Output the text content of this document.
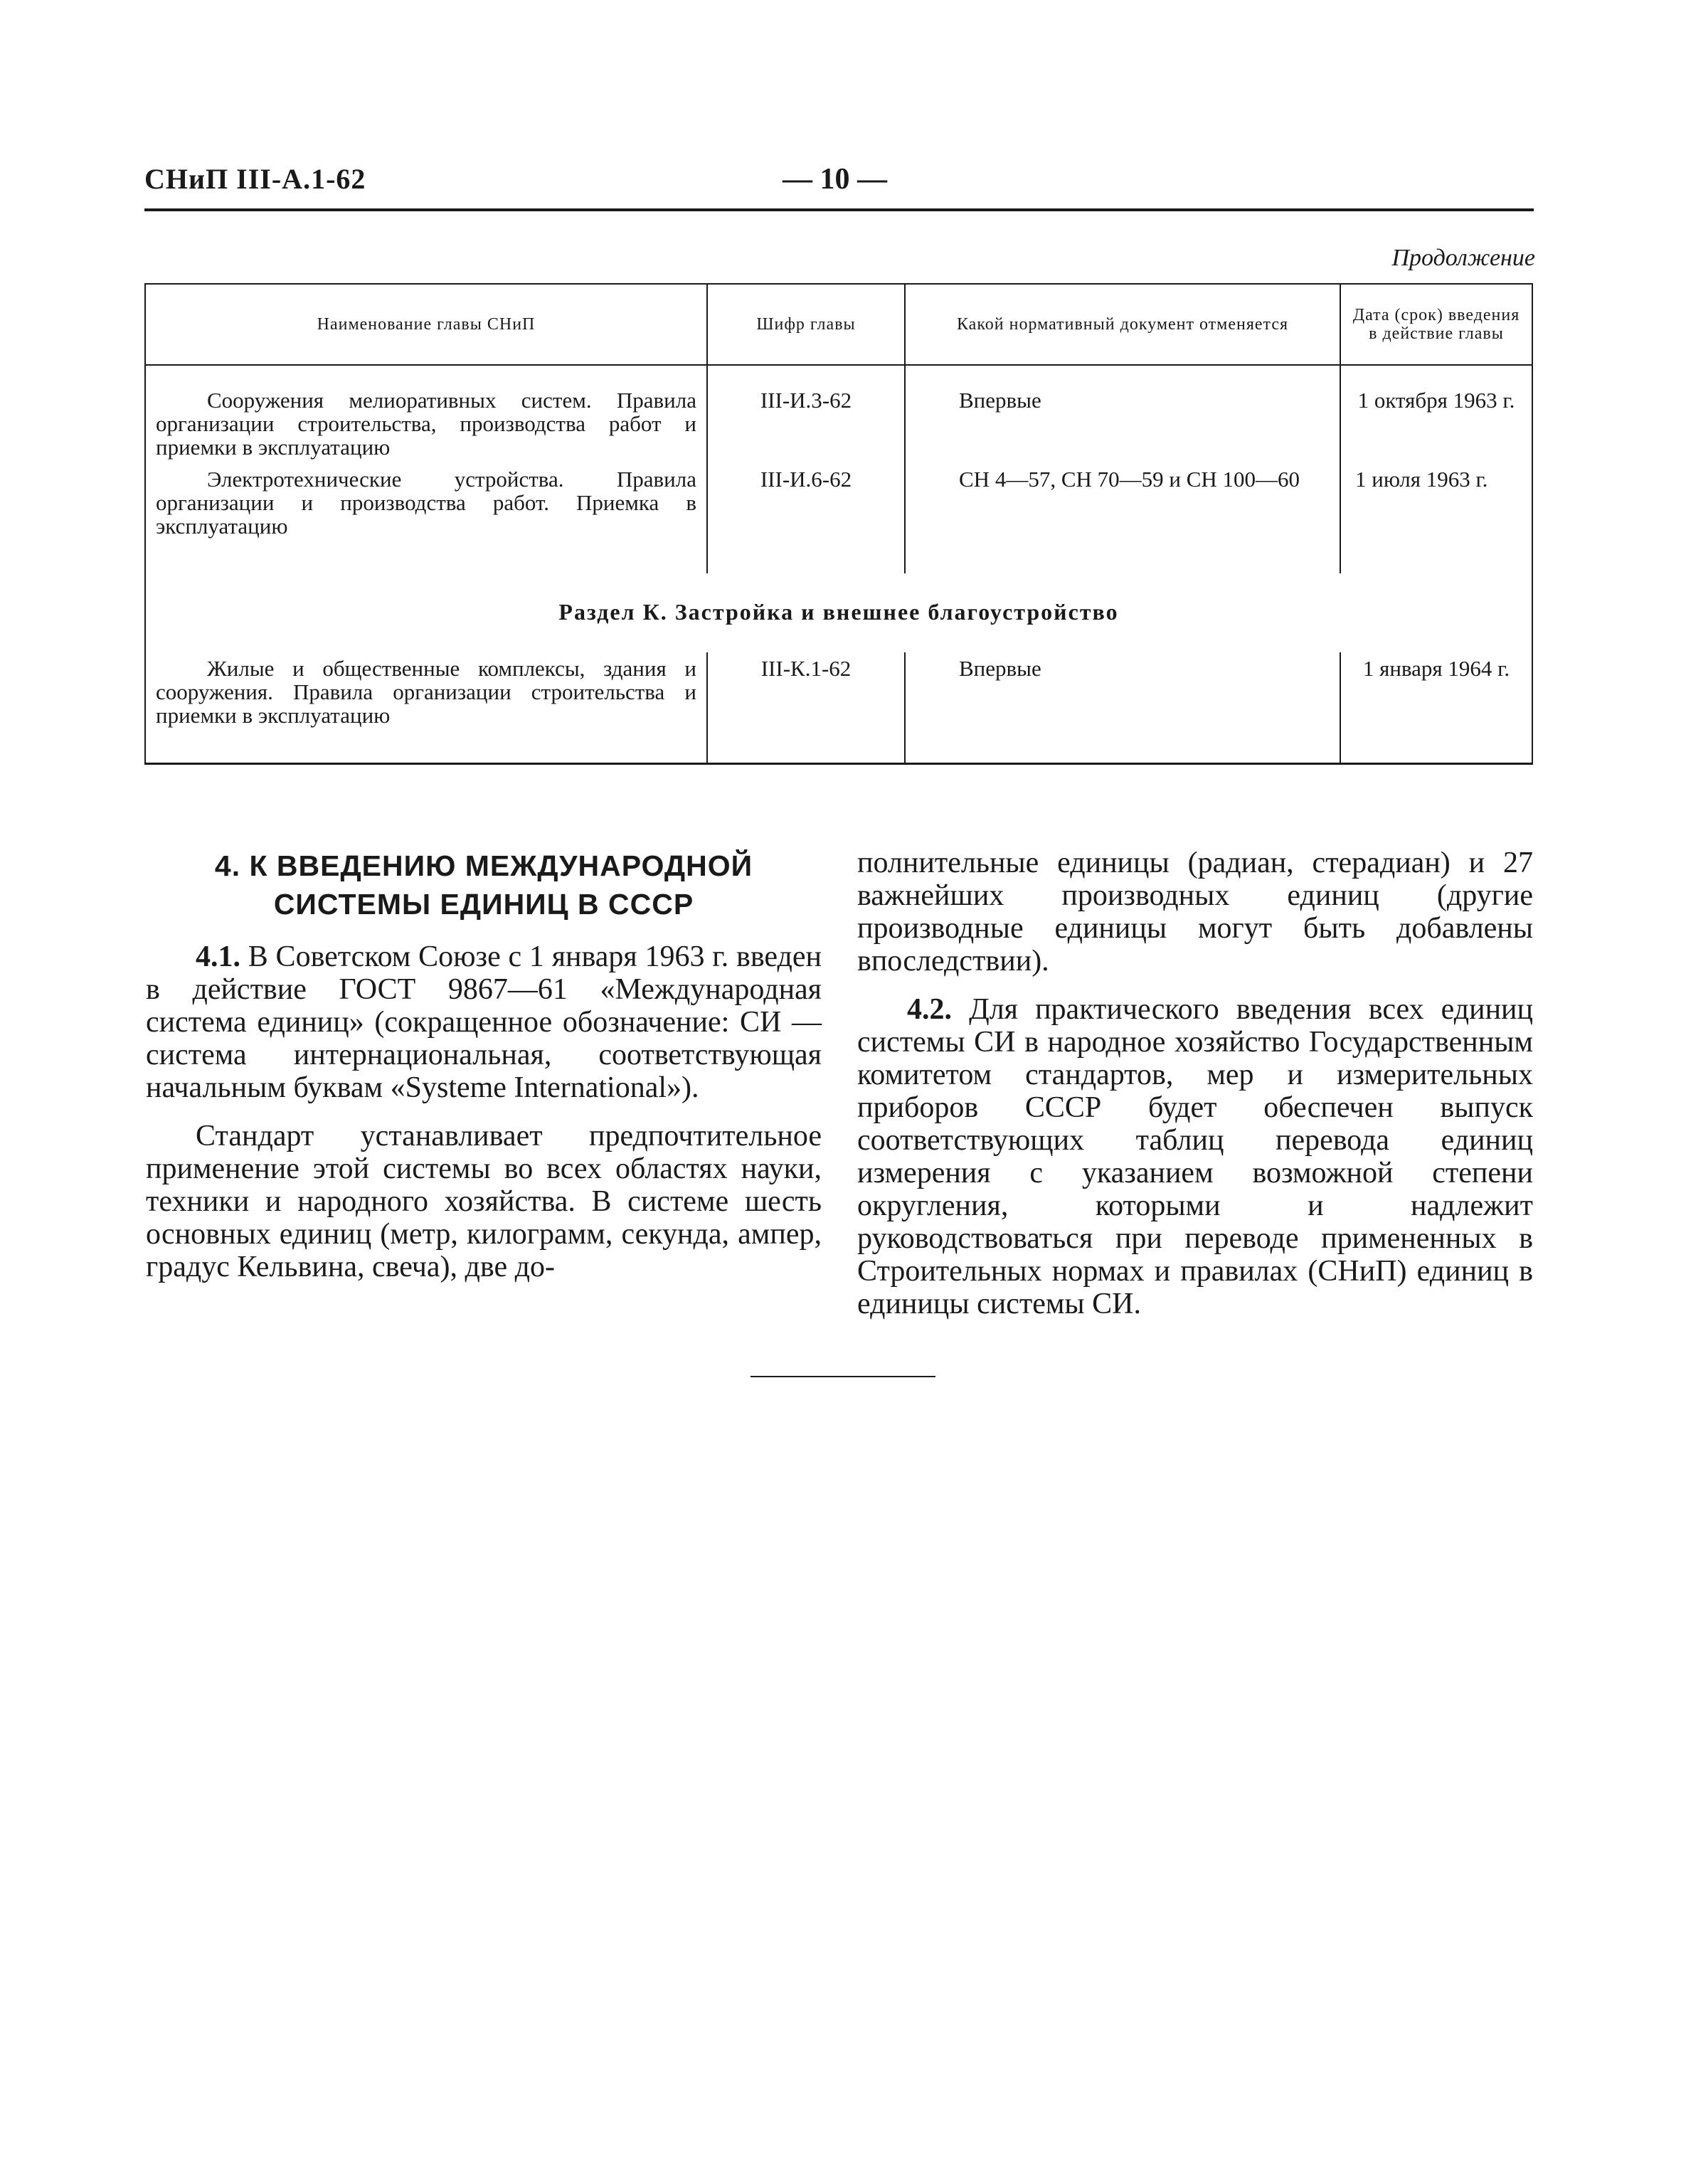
СНиП III-А.1-62	— 10 —
Продолжение
Наименование главы СНиП	Шифр главы	Какой нормативный документ отменяется	Дата (срок) введения в действие главы
Сооружения мелиоративных систем. Правила организации строительства, производства работ и приемки в эксплуатацию	III-И.3-62	Впервые	1 октября 1963 г.
Электротехнические устройства. Правила организации и производства работ. Приемка в эксплуатацию	III-И.6-62	СН 4—57, СН 70—59 и СН 100—60	1 июля 1963 г.
Раздел К. Застройка и внешнее благоустройство			
Жилые и общественные комплексы, здания и сооружения. Правила организации строительства и приемки в эксплуатацию	III-К.1-62	Впервые	1 января 1964 г.
4. К ВВЕДЕНИЮ МЕЖДУНАРОДНОЙ СИСТЕМЫ ЕДИНИЦ В СССР

4.1. В Советском Союзе с 1 января 1963 г. введен в действие ГОСТ 9867—61 «Международная система единиц» (сокращенное обозначение: СИ — система интернациональная, соответствующая начальным буквам «Systeme International»).

Стандарт устанавливает предпочтительное применение этой системы во всех областях науки, техники и народного хозяйства. В системе шесть основных единиц (метр, килограмм, секунда, ампер, градус Кельвина, свеча), две до-

полнительные единицы (радиан, стерадиан) и 27 важнейших производных единиц (другие производные единицы могут быть добавлены впоследствии).

4.2. Для практического введения всех единиц системы СИ в народное хозяйство Государственным комитетом стандартов, мер и измерительных приборов СССР будет обеспечен выпуск соответствующих таблиц перевода единиц измерения с указанием возможной степени округления, которыми и надлежит руководствоваться при переводе примененных в Строительных нормах и правилах (СНиП) единиц в единицы системы СИ.
